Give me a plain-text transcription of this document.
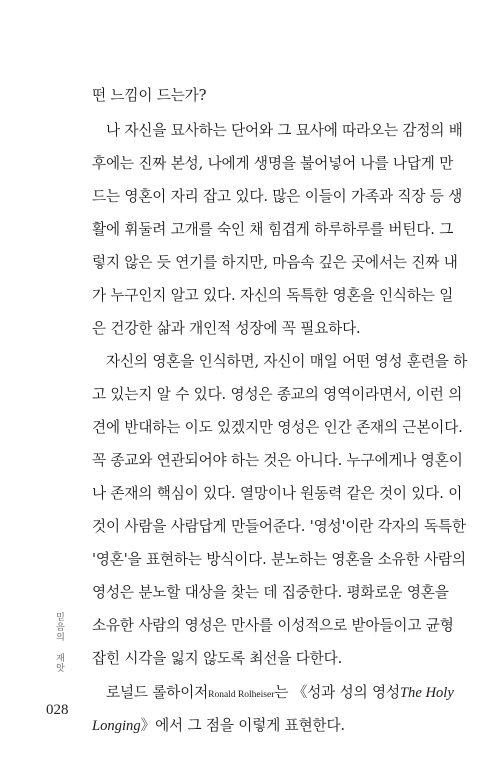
떤 느낌이 드는가?
나 자신을 묘사하는 단어와 그 묘사에 따라오는 감정의 배
후에는 진짜 본성, 나에게 생명을 불어넣어 나를 나답게 만
드는 영혼이 자리 잡고 있다. 많은 이들이 가족과 직장 등 생
활에 휘둘려 고개를 숙인 채 힘겹게 하루하루를 버틴다. 그
렇지 않은 듯 연기를 하지만, 마음속 깊은 곳에서는 진짜 내
가 누구인지 알고 있다. 자신의 독특한 영혼을 인식하는 일
은 건강한 삶과 개인적 성장에 꼭 필요하다.
자신의 영혼을 인식하면, 자신이 매일 어떤 영성 훈련을 하
고 있는지 알 수 있다. 영성은 종교의 영역이라면서, 이런 의
견에 반대하는 이도 있겠지만 영성은 인간 존재의 근본이다.
꼭 종교와 연관되어야 하는 것은 아니다. 누구에게나 영혼이
나 존재의 핵심이 있다. 열망이나 원동력 같은 것이 있다. 이
것이 사람을 사람답게 만들어준다. '영성'이란 각자의 독특한
'영혼'을 표현하는 방식이다. 분노하는 영혼을 소유한 사람의
영성은 분노할 대상을 찾는 데 집중한다. 평화로운 영혼을
소유한 사람의 영성은 만사를 이성적으로 받아들이고 균형
잡힌 시각을 잃지 않도록 최선을 다한다.
로널드 롤하이저Ronald Rolheiser는 《성과 성의 영성The Holy
Longing》에서 그 점을 이렇게 표현한다.
믿음의 재앗
028
